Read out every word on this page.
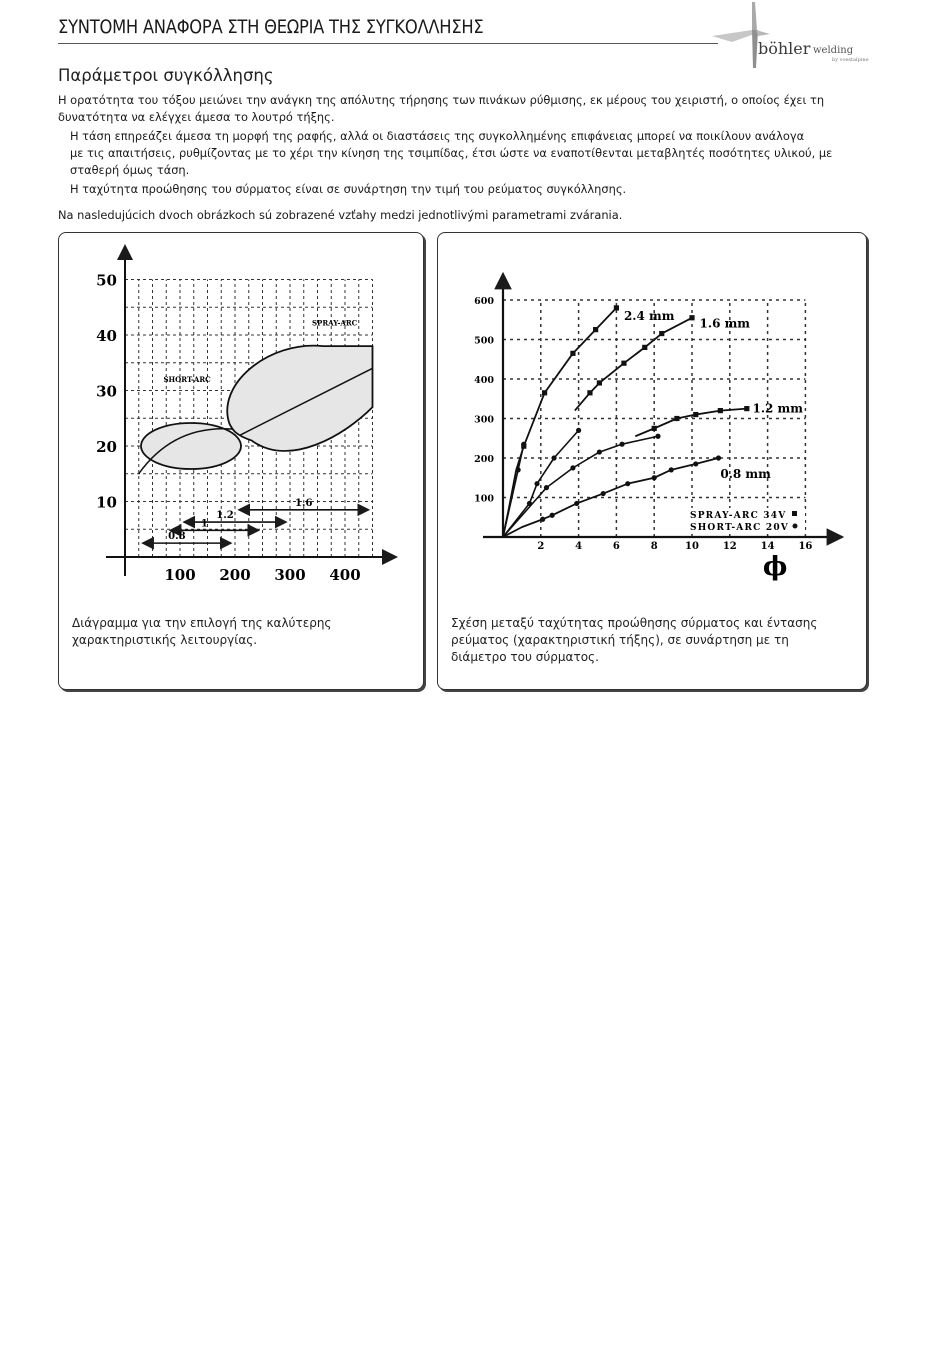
ΣΥΝΤΟΜΗ ΑΝΑΦΟΡΑ ΣΤΗ ΘΕΩΡΙΑ ΤΗΣ ΣΥΓΚΟΛΛΗΣΗΣ
böhler welding
by voestalpine
Παράμετροι συγκόλλησης
Η ορατότητα του τόξου μειώνει την ανάγκη της απόλυτης τήρησης των πινάκων ρύθμισης, εκ μέρους του χειριστή, ο οποίος έχει τη
δυνατότητα να ελέγχει άμεσα το λουτρό τήξης.
Η τάση επηρεάζει άμεσα τη μορφή της ραφής, αλλά οι διαστάσεις της συγκολλημένης επιφάνειας μπορεί να ποικίλουν ανάλογα
με τις απαιτήσεις, ρυθμίζοντας με το χέρι την κίνηση της τσιμπίδας, έτσι ώστε να εναποτίθενται μεταβλητές ποσότητες υλικού, με
σταθερή όμως τάση.
Η ταχύτητα προώθησης του σύρματος είναι σε συνάρτηση την τιμή του ρεύματος συγκόλλησης.
Na nasledujúcich dvoch obrázkoch sú zobrazené vzťahy medzi jednotlivými parametrami zvárania.
10
20
30
40
50
100 200 300 400
SHORT-ARC
SPRAY-ARC
1.6
1.2
1
0.8
Διάγραμμα για την επιλογή της καλύτερης
χαρακτηριστικής λειτουργίας.
100
200
300
400
500
600
2	4	6	8	10 12 14 16
ϕ
2.4 mm
1.6 mm
1.2 mm
0.8 mm
SPRAY-ARC 34V
SHORT-ARC 20V
Σχέση μεταξύ ταχύτητας προώθησης σύρματος και έντασης
ρεύματος (χαρακτηριστική τήξης), σε συνάρτηση με τη
διάμετρο του σύρματος.
